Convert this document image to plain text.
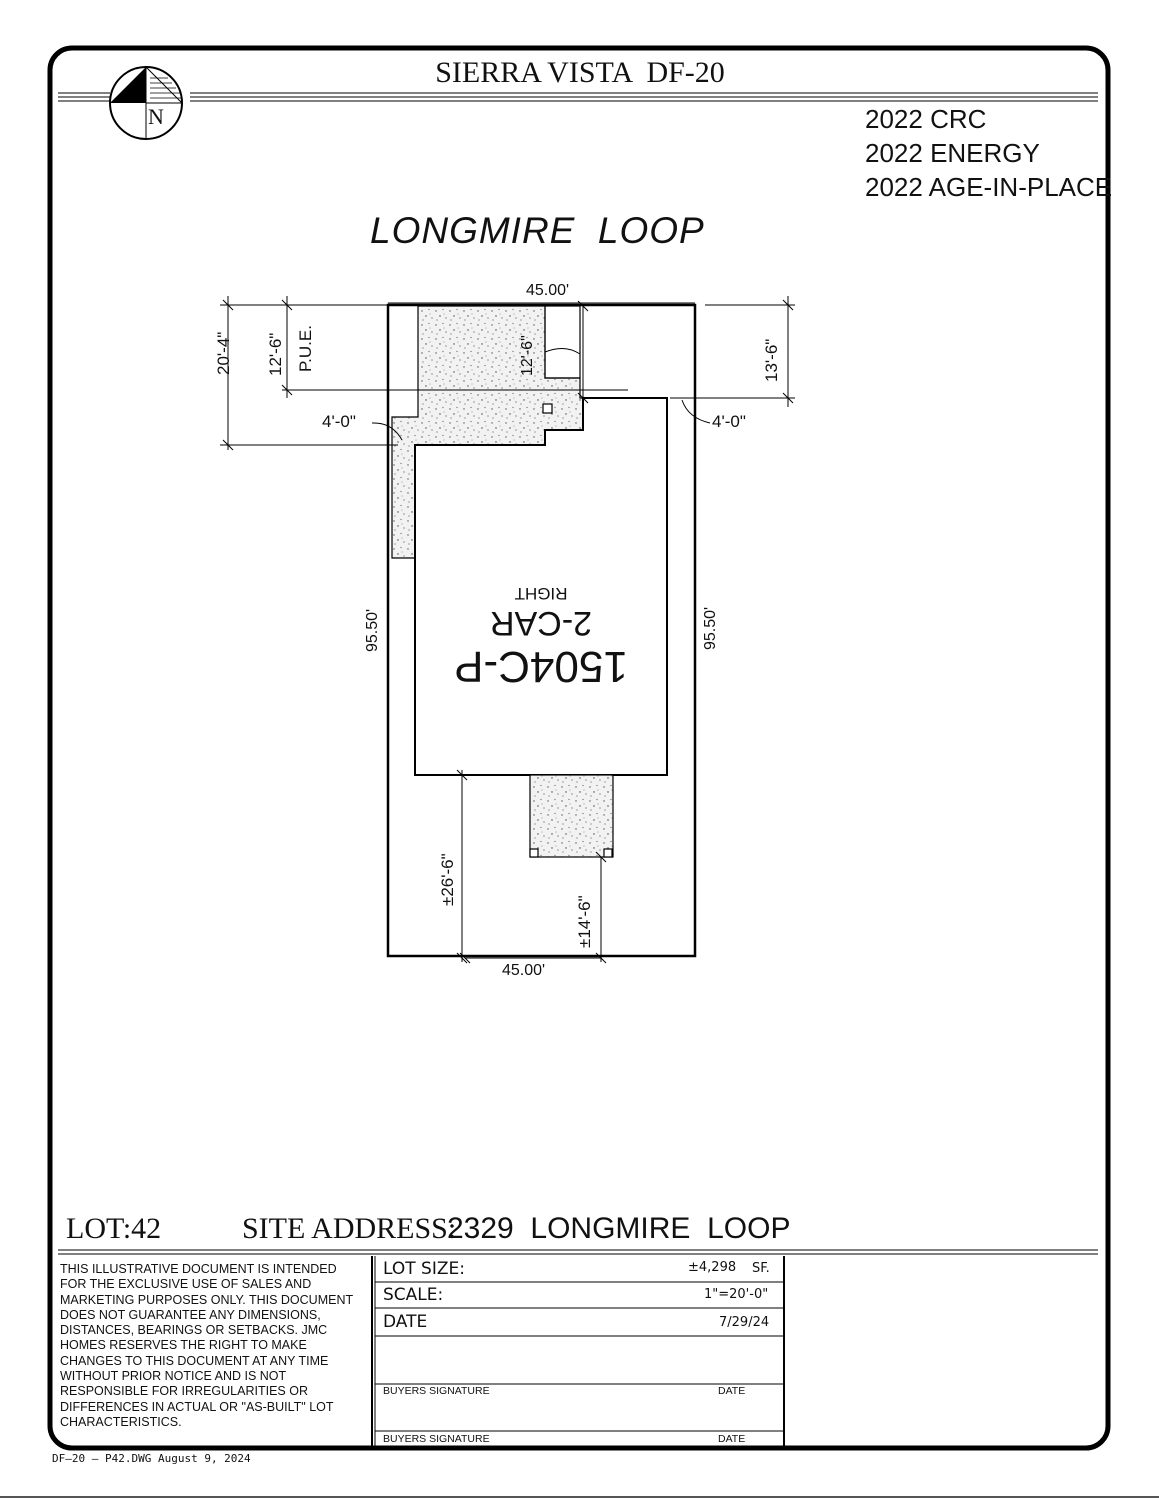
SIERRA VISTA  DF-20
N	2022 CRC
2022 ENERGY
2022 AGE-IN-PLACE
LONGMIRE  LOOP
45.00'
45.00'
20'-4" 12'-6" P.U.E.	12'-6"	13'-6"
4'-0"	4'-0"
95.50'	95.50'
±26'-6"
±14'-6"
1504C-P
2-CAR
RIGHT
LOT:42	SITE ADDRESS:
2329  LONGMIRE  LOOP
THIS ILLUSTRATIVE DOCUMENT IS INTENDED FOR THE EXCLUSIVE USE OF SALES AND MARKETING PURPOSES ONLY. THIS DOCUMENT DOES NOT GUARANTEE ANY DIMENSIONS, DISTANCES, BEARINGS OR SETBACKS. JMC HOMES RESERVES THE RIGHT TO MAKE CHANGES TO THIS DOCUMENT AT ANY TIME WITHOUT PRIOR NOTICE AND IS NOT RESPONSIBLE FOR IRREGULARITIES OR DIFFERENCES IN ACTUAL OR "AS-BUILT" LOT CHARACTERISTICS.
LOT SIZE:	±4,298 SF.
SCALE:	1"=20'-0"
DATE	7/29/24
BUYERS SIGNATURE	DATE
BUYERS SIGNATURE	DATE
DF—20 — P42.DWG August 9, 2024
